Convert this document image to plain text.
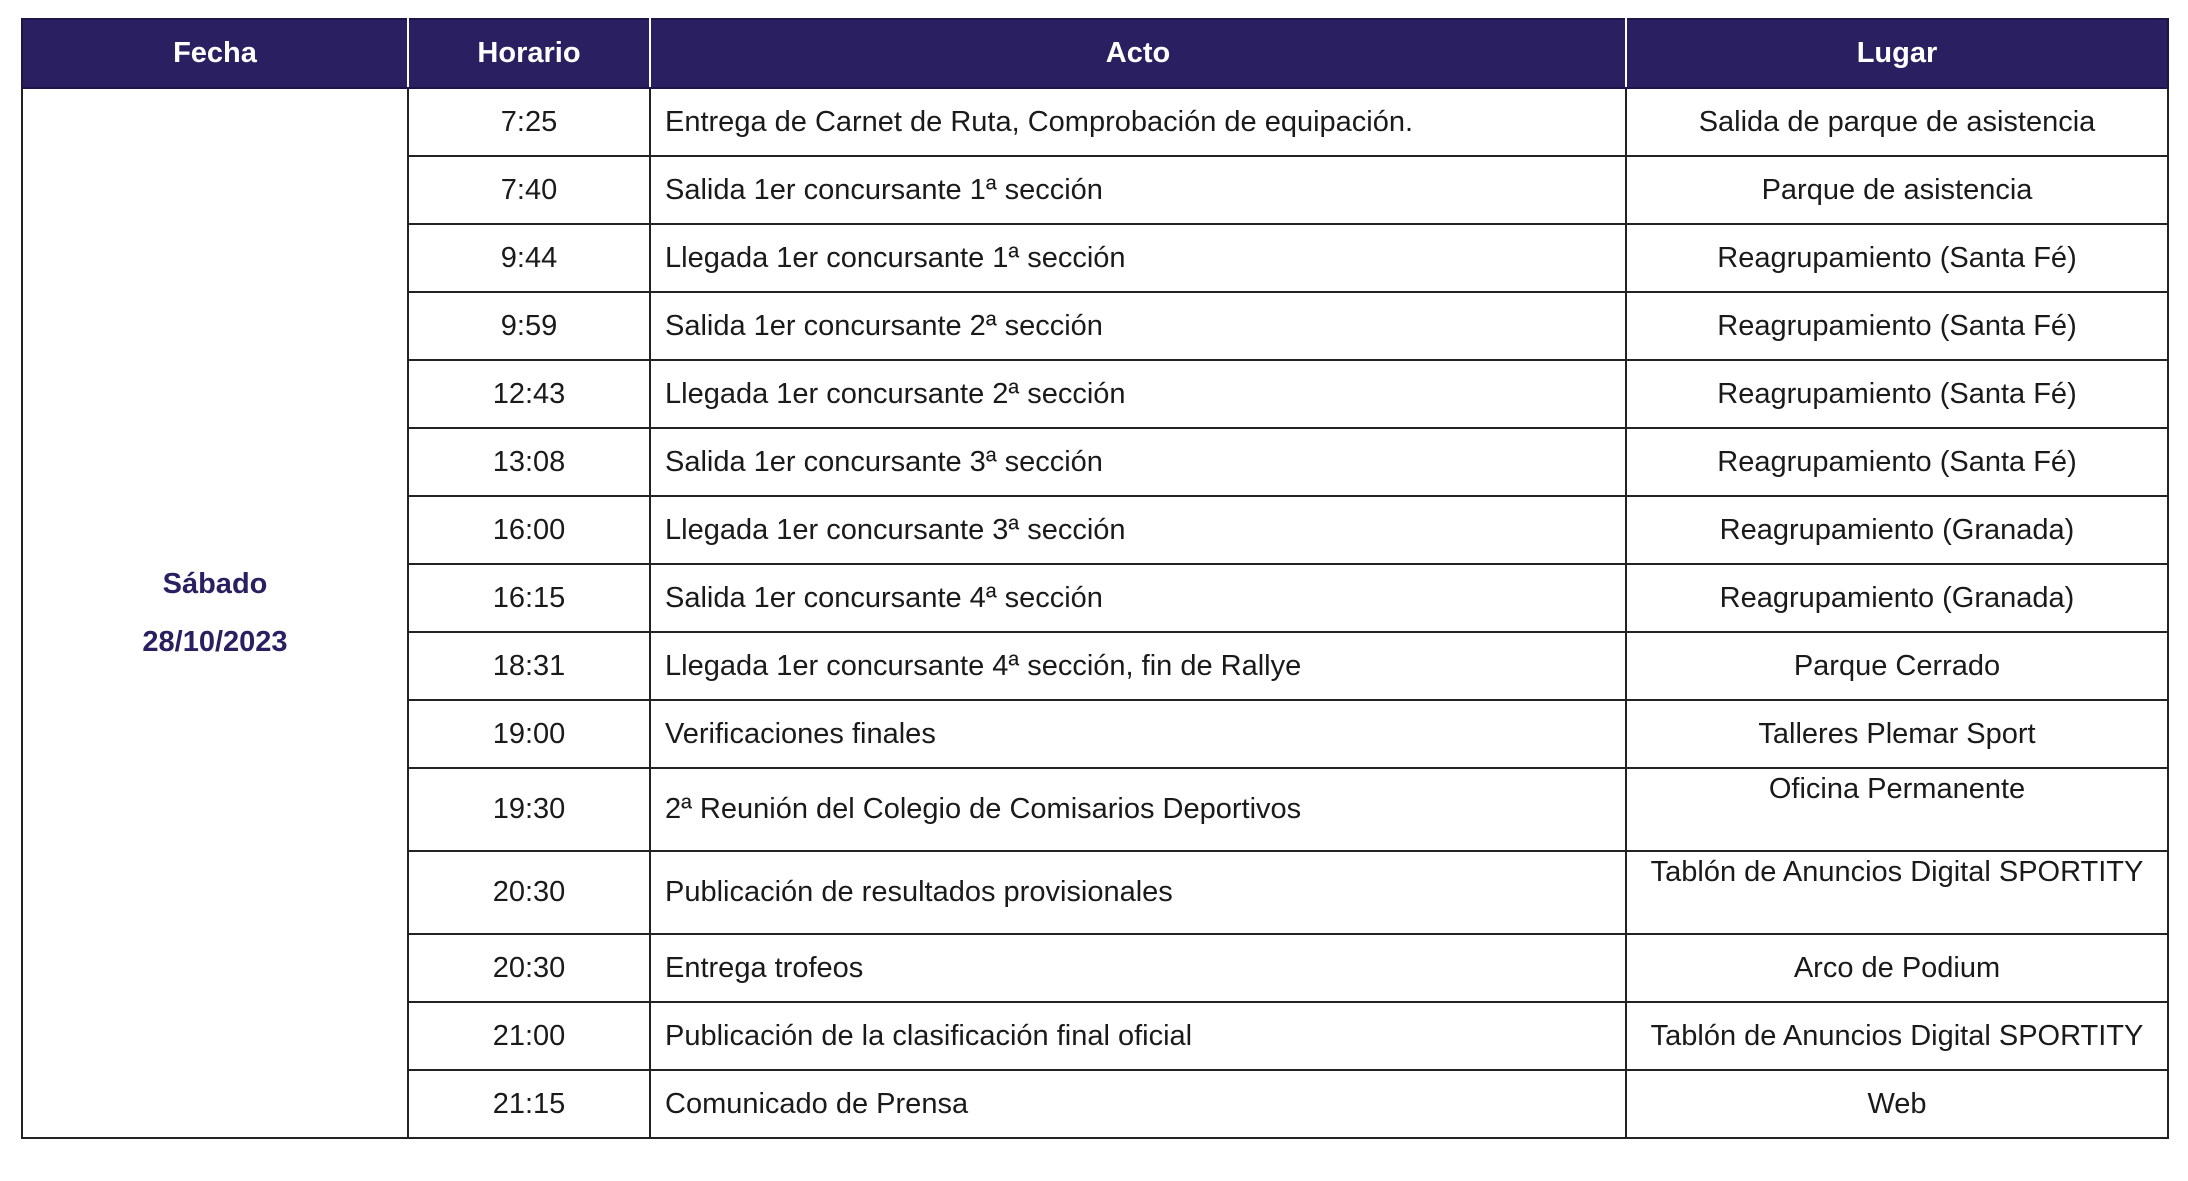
Fecha	Horario	Acto	Lugar

Sábado
28/10/2023	7:25	Entrega de Carnet de Ruta, Comprobación de equipación.	Salida de parque de asistencia
	7:40	Salida 1er concursante 1ª sección	Parque de asistencia
	9:44	Llegada 1er concursante 1ª sección	Reagrupamiento (Santa Fé)
	9:59	Salida 1er concursante 2ª sección	Reagrupamiento (Santa Fé)
	12:43	Llegada 1er concursante 2ª sección	Reagrupamiento (Santa Fé)
	13:08	Salida 1er concursante 3ª sección	Reagrupamiento (Santa Fé)
	16:00	Llegada 1er concursante 3ª sección	Reagrupamiento (Granada)
	16:15	Salida 1er concursante 4ª sección	Reagrupamiento (Granada)
	18:31	Llegada 1er concursante 4ª sección, fin de Rallye	Parque Cerrado
	19:00	Verificaciones finales	Talleres Plemar Sport
	19:30	2ª Reunión del Colegio de Comisarios Deportivos	Oficina Permanente
	20:30	Publicación de resultados provisionales	Tablón de Anuncios Digital SPORTITY
	20:30	Entrega trofeos	Arco de Podium
	21:00	Publicación de la clasificación final oficial	Tablón de Anuncios Digital SPORTITY
	21:15	Comunicado de Prensa	Web
